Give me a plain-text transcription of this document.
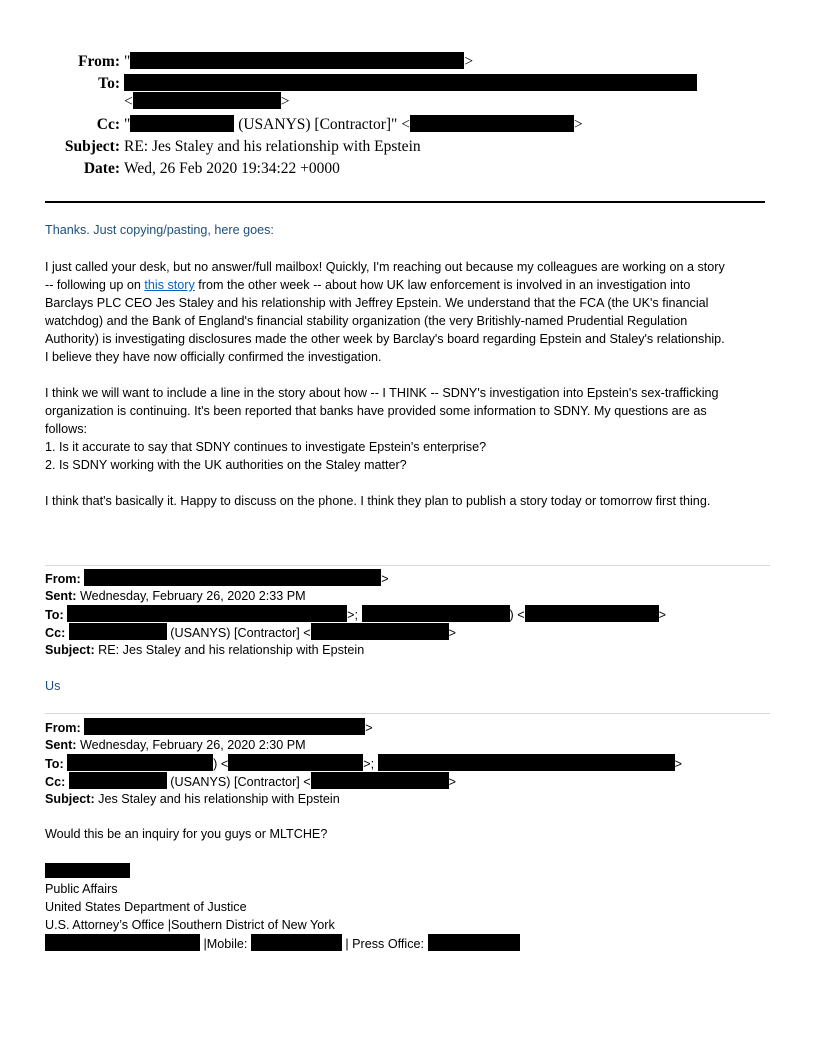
From: "	>
To:
<	>
Cc: "	(USANYS) [Contractor]" <	>
Subject: RE: Jes Staley and his relationship with Epstein
Date: Wed, 26 Feb 2020 19:34:22 +0000
Thanks. Just copying/pasting, here goes:
I just called your desk, but no answer/full mailbox! Quickly, I'm reaching out because my colleagues are working on a story
-- following up on this story from the other week -- about how UK law enforcement is involved in an investigation into
Barclays PLC CEO Jes Staley and his relationship with Jeffrey Epstein. We understand that the FCA (the UK's financial
watchdog) and the Bank of England's financial stability organization (the very Britishly-named Prudential Regulation
Authority) is investigating disclosures made the other week by Barclay's board regarding Epstein and Staley's relationship.
I believe they have now officially confirmed the investigation.
I think we will want to include a line in the story about how -- I THINK -- SDNY's investigation into Epstein's sex-trafficking
organization is continuing. It's been reported that banks have provided some information to SDNY. My questions are as
follows:
1. Is it accurate to say that SDNY continues to investigate Epstein's enterprise?
2. Is SDNY working with the UK authorities on the Staley matter?
I think that's basically it. Happy to discuss on the phone. I think they plan to publish a story today or tomorrow first thing.
From:	>
Sent: Wednesday, February 26, 2020 2:33 PM
To:	>;	) <	>
Cc:	(USANYS) [Contractor] <	>
Subject: RE: Jes Staley and his relationship with Epstein
Us
From:	>
Sent: Wednesday, February 26, 2020 2:30 PM
To:	) <	>;	>
Cc:	(USANYS) [Contractor] <	>
Subject: Jes Staley and his relationship with Epstein
Would this be an inquiry for you guys or MLTCHE?
Public Affairs
United States Department of Justice
U.S. Attorney’s Office |Southern District of New York
|Mobile:	| Press Office:
